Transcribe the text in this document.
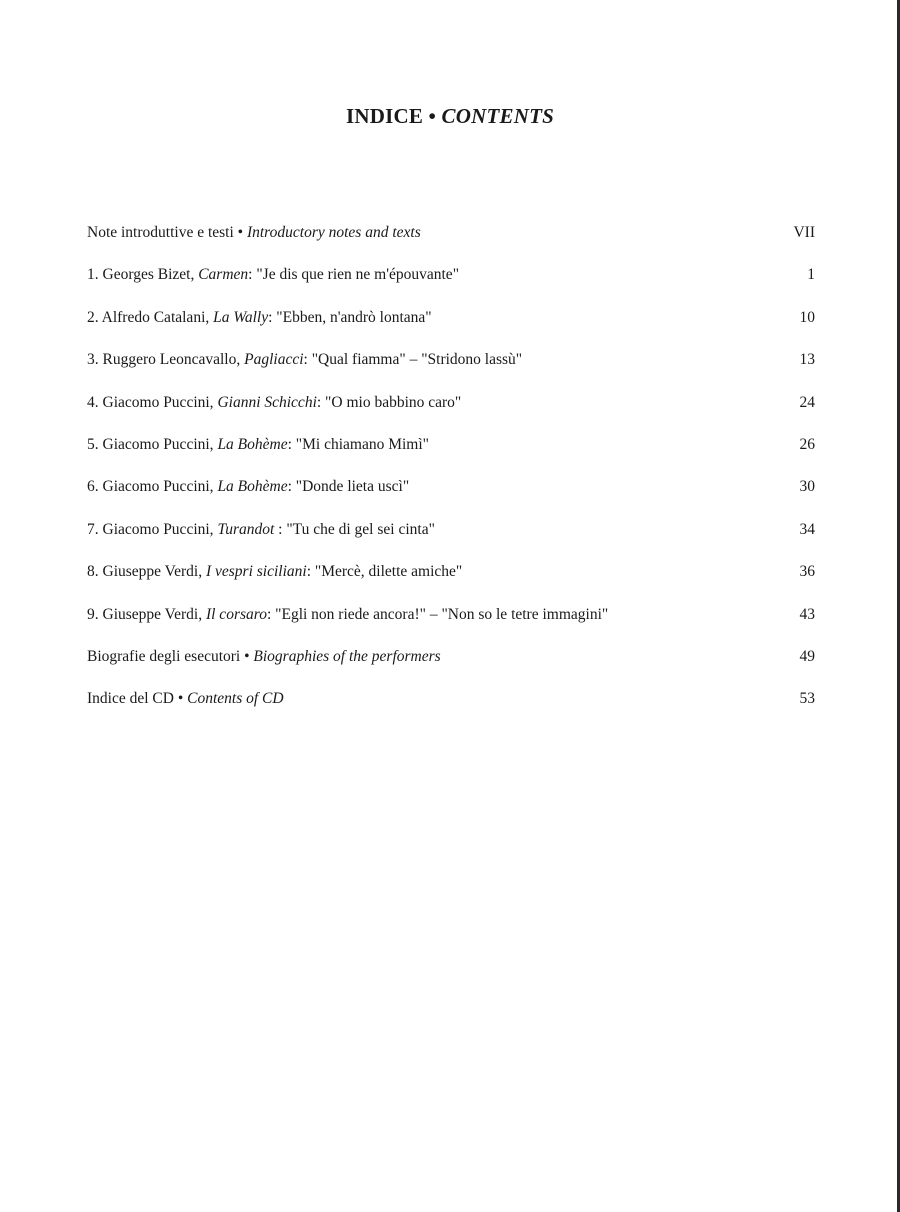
INDICE • CONTENTS
Note introduttive e testi • Introductory notes and texts	VII
1. Georges Bizet, Carmen: "Je dis que rien ne m'épouvante"	1
2. Alfredo Catalani, La Wally: "Ebben, n'andrò lontana"	10
3. Ruggero Leoncavallo, Pagliacci: "Qual fiamma" – "Stridono lassù"	13
4. Giacomo Puccini, Gianni Schicchi: "O mio babbino caro"	24
5. Giacomo Puccini, La Bohème: "Mi chiamano Mimì"	26
6. Giacomo Puccini, La Bohème: "Donde lieta uscì"	30
7. Giacomo Puccini, Turandot : "Tu che di gel sei cinta"	34
8. Giuseppe Verdi, I vespri siciliani: "Mercè, dilette amiche"	36
9. Giuseppe Verdi, Il corsaro: "Egli non riede ancora!" – "Non so le tetre immagini"	43
Biografie degli esecutori • Biographies of the performers	49
Indice del CD • Contents of CD	53
